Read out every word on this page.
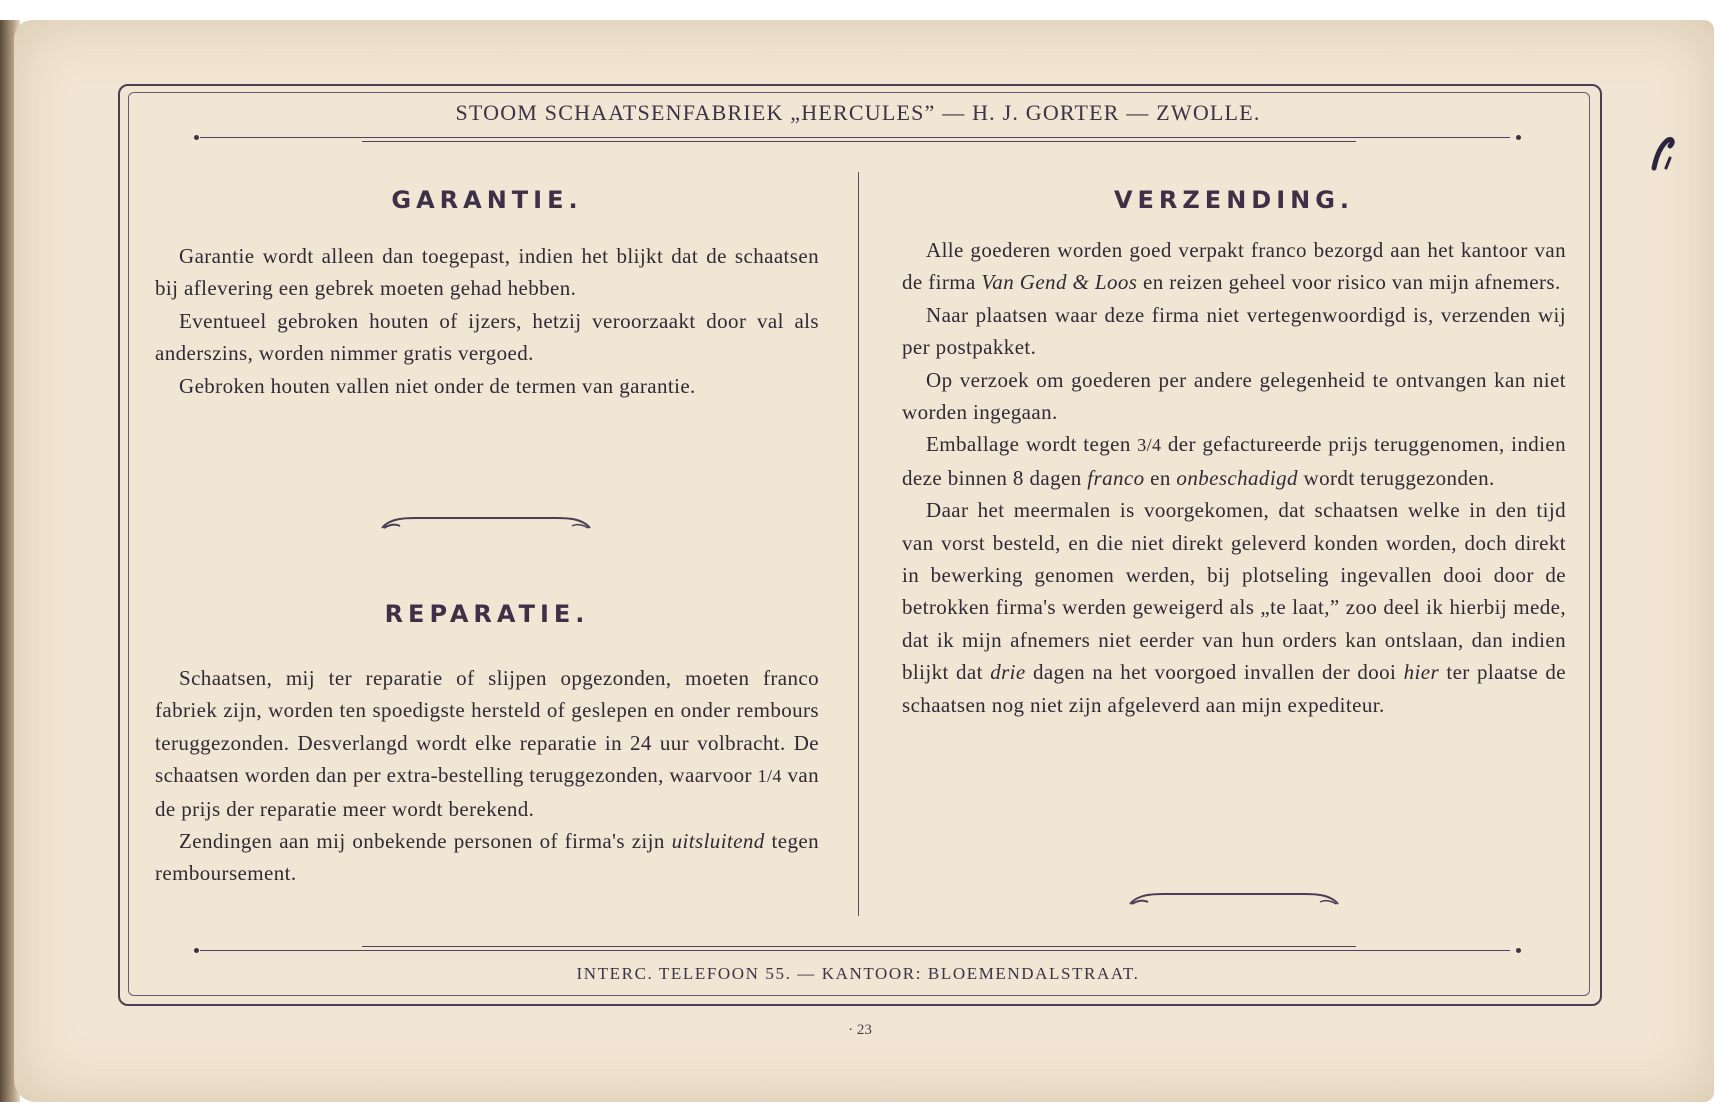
STOOM SCHAATSENFABRIEK „HERCULES” — H. J. GORTER — ZWOLLE.
GARANTIE.

Garantie wordt alleen dan toegepast, indien het blijkt dat de schaatsen bij aflevering een gebrek moeten gehad hebben.

Eventueel gebroken houten of ijzers, hetzij veroorzaakt door val als anderszins, worden nimmer gratis vergoed.

Gebroken houten vallen niet onder de termen van garantie.

REPARATIE.

Schaatsen, mij ter reparatie of slijpen opgezonden, moeten franco fabriek zijn, worden ten spoedigste hersteld of geslepen en onder rembours teruggezonden. Desverlangd wordt elke reparatie in 24 uur volbracht. De schaatsen worden dan per extra-bestelling teruggezonden, waarvoor 1/4 van de prijs der reparatie meer wordt berekend.

Zendingen aan mij onbekende personen of firma's zijn uitsluitend tegen remboursement.

VERZENDING.

Alle goederen worden goed verpakt franco bezorgd aan het kantoor van de firma Van Gend & Loos en reizen geheel voor risico van mijn afnemers.

Naar plaatsen waar deze firma niet vertegenwoordigd is, verzenden wij per postpakket.

Op verzoek om goederen per andere gelegenheid te ontvangen kan niet worden ingegaan.

Emballage wordt tegen 3/4 der gefactureerde prijs teruggenomen, indien deze binnen 8 dagen franco en onbeschadigd wordt teruggezonden.

Daar het meermalen is voorgekomen, dat schaatsen welke in den tijd van vorst besteld, en die niet direkt geleverd konden worden, doch direkt in bewerking genomen werden, bij plotseling ingevallen dooi door de betrokken firma's werden geweigerd als „te laat,” zoo deel ik hierbij mede, dat ik mijn afnemers niet eerder van hun orders kan ontslaan, dan indien blijkt dat drie dagen na het voorgoed invallen der dooi hier ter plaatse de schaatsen nog niet zijn afgeleverd aan mijn expediteur.

INTERC. TELEFOON 55. — KANTOOR: BLOEMENDALSTRAAT.
· 23
